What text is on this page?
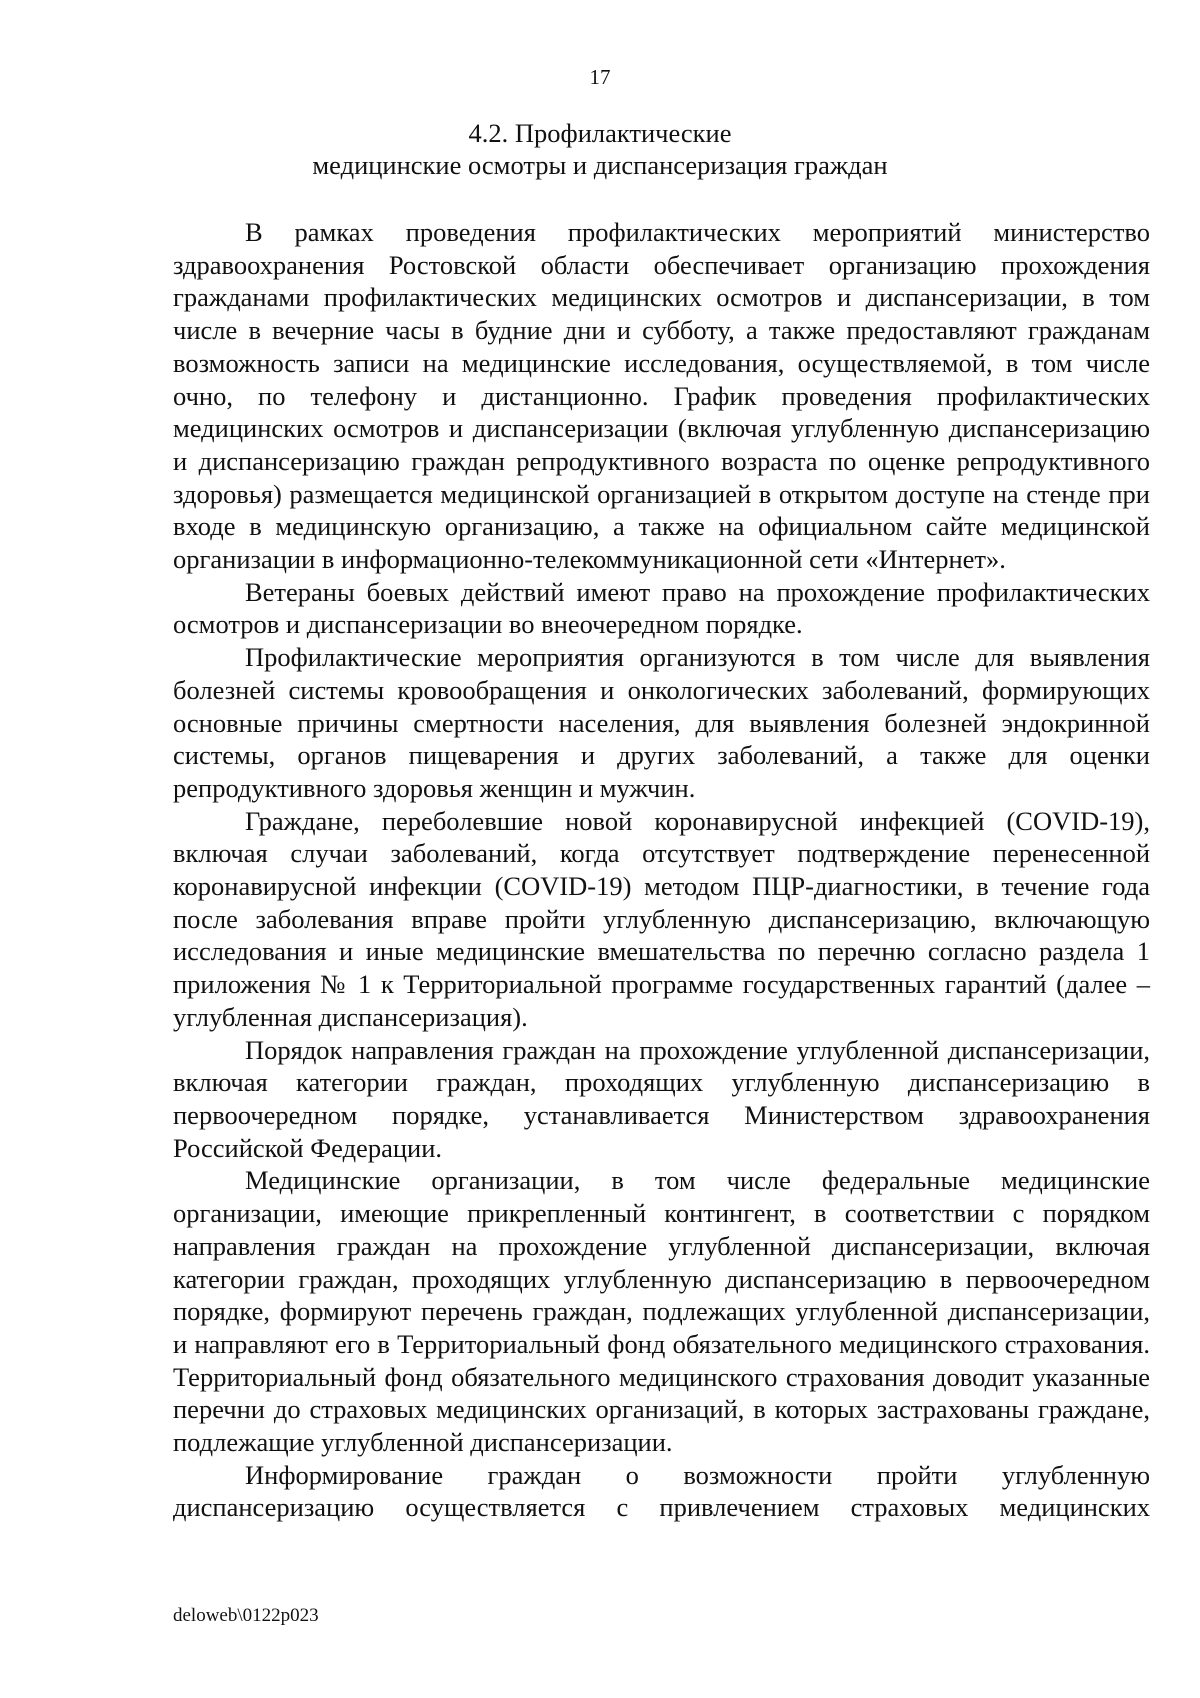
17
4.2. Профилактические
медицинские осмотры и диспансеризация граждан

В рамках проведения профилактических мероприятий министерство здравоохранения Ростовской области обеспечивает организацию прохождения гражданами профилактических медицинских осмотров и диспансеризации, в том числе в вечерние часы в будние дни и субботу, а также предоставляют гражданам возможность записи на медицинские исследования, осуществляемой, в том числе очно, по телефону и дистанционно. График проведения профилактических медицинских осмотров и диспансеризации (включая углубленную диспансеризацию и диспансеризацию граждан репродуктивного возраста по оценке репродуктивного здоровья) размещается медицинской организацией в открытом доступе на стенде при входе в медицинскую организацию, а также на официальном сайте медицинской организации в информационно-телекоммуникационной сети «Интернет».

Ветераны боевых действий имеют право на прохождение профилактических осмотров и диспансеризации во внеочередном порядке.

Профилактические мероприятия организуются в том числе для выявления болезней системы кровообращения и онкологических заболеваний, формирующих основные причины смертности населения, для выявления болезней эндокринной системы, органов пищеварения и других заболеваний, а также для оценки репродуктивного здоровья женщин и мужчин.

Граждане, переболевшие новой коронавирусной инфекцией (COVID-19), включая случаи заболеваний, когда отсутствует подтверждение перенесенной коронавирусной инфекции (COVID-19) методом ПЦР-диагностики, в течение года после заболевания вправе пройти углубленную диспансеризацию, включающую исследования и иные медицинские вмешательства по перечню согласно раздела 1 приложения № 1 к Территориальной программе государственных гарантий (далее – углубленная диспансеризация).

Порядок направления граждан на прохождение углубленной диспансеризации, включая категории граждан, проходящих углубленную диспансеризацию в первоочередном порядке, устанавливается Министерством здравоохранения Российской Федерации.

Медицинские организации, в том числе федеральные медицинские организации, имеющие прикрепленный контингент, в соответствии с порядком направления граждан на прохождение углубленной диспансеризации, включая категории граждан, проходящих углубленную диспансеризацию в первоочередном порядке, формируют перечень граждан, подлежащих углубленной диспансеризации, и направляют его в Территориальный фонд обязательного медицинского страхования. Территориальный фонд обязательного медицинского страхования доводит указанные перечни до страховых медицинских организаций, в которых застрахованы граждане, подлежащие углубленной диспансеризации.

Информирование граждан о возможности пройти углубленную диспансеризацию осуществляется с привлечением страховых медицинских

deloweb\0122p023
